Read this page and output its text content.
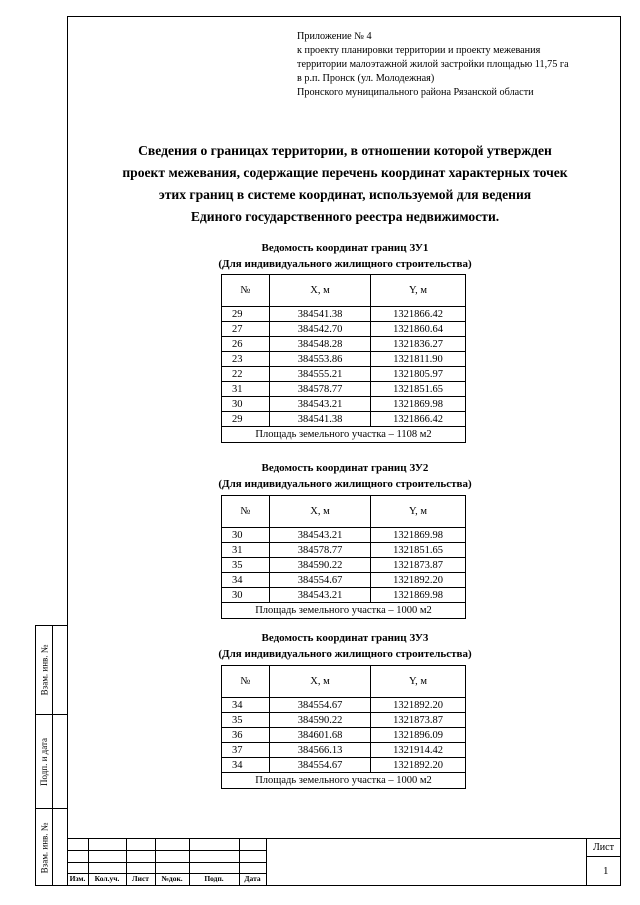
Взам. инв. №
Подп. и дата
Взам. инв. №
Приложение № 4
к проекту планировки территории и проекту межевания
территории малоэтажной жилой застройки площадью 11,75 га
в р.п. Пронск (ул. Молодежная)
Пронского муниципального района Рязанской области
Сведения о границах территории, в отношении которой утвержден
проект межевания, содержащие перечень координат характерных точек
этих границ в системе координат, используемой для ведения
Единого государственного реестра недвижимости.
Ведомость координат границ ЗУ1
(Для индивидуального жилищного строительства)
Ведомость координат границ ЗУ2
(Для индивидуального жилищного строительства)
Ведомость координат границ ЗУ3
(Для индивидуального жилищного строительства)
№	X, м	Y, м
29	384541.38	1321866.42
27	384542.70	1321860.64
26	384548.28	1321836.27
23	384553.86	1321811.90
22	384555.21	1321805.97
31	384578.77	1321851.65
30	384543.21	1321869.98
29	384541.38	1321866.42
Площадь земельного участка – 1108 м2		
№	X, м	Y, м
30	384543.21	1321869.98
31	384578.77	1321851.65
35	384590.22	1321873.87
34	384554.67	1321892.20
30	384543.21	1321869.98
Площадь земельного участка – 1000 м2		
№	X, м	Y, м
34	384554.67	1321892.20
35	384590.22	1321873.87
36	384601.68	1321896.09
37	384566.13	1321914.42
34	384554.67	1321892.20
Площадь земельного участка – 1000 м2		
Изм.	Кол.уч.	Лист	№док.	Подп.	Дата
Лист
1
